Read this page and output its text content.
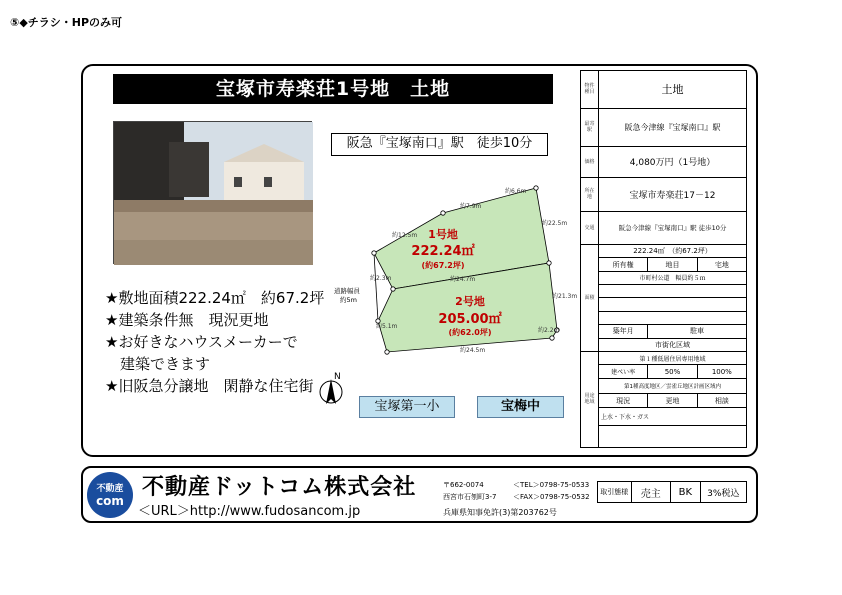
⑤◆チラシ・HPのみ可
宝塚市寿楽荘1号地　土地
阪急『宝塚南口』駅　徒歩10分
★敷地面積222.24㎡　約67.2坪
★建築条件無　現況更地
★お好きなハウスメーカーで
　建築できます
★旧阪急分譲地　閑静な住宅街
約7.9m
約12.5m
約6.6m
約2.3m
約22.5m
約5.1m
約21.3m
約2.2m
約24.7m
約24.5m
1号地
222.24㎡
(約67.2坪)
2号地
205.00㎡
(約62.0坪)
道路幅員
約5m
N
宝塚第一小	宝梅中
物件種目	土地		
最寄駅	阪急今津線『宝塚南口』駅		
価格	4,080万円（1号地）		
所在地	宝塚市寿楽荘17－12		
交通	阪急今津線『宝塚南口』駅 徒歩10分		
面積	222.24㎡　（約67.2坪）		
	所有権	地目	宅地
	市町村公道　幅員約５ｍ		

	築年月	駐車	
	市街化区域		
用途地域	第１種低層住居専用地域		
	建ぺい率	50%	100%
	第1種高度地区／雲雀丘地区計画区域内		
	現況	更地	相談
	上水・下水・ガス		

不動産
com
不動産ドットコム株式会社
＜URL＞http://www.fudosancom.jp
〒662-0074
西宮市石刎町3-7
＜TEL＞0798-75-0533
＜FAX＞0798-75-0532
兵庫県知事免許(3)第203762号
取引態様	売主	BK	3%税込
